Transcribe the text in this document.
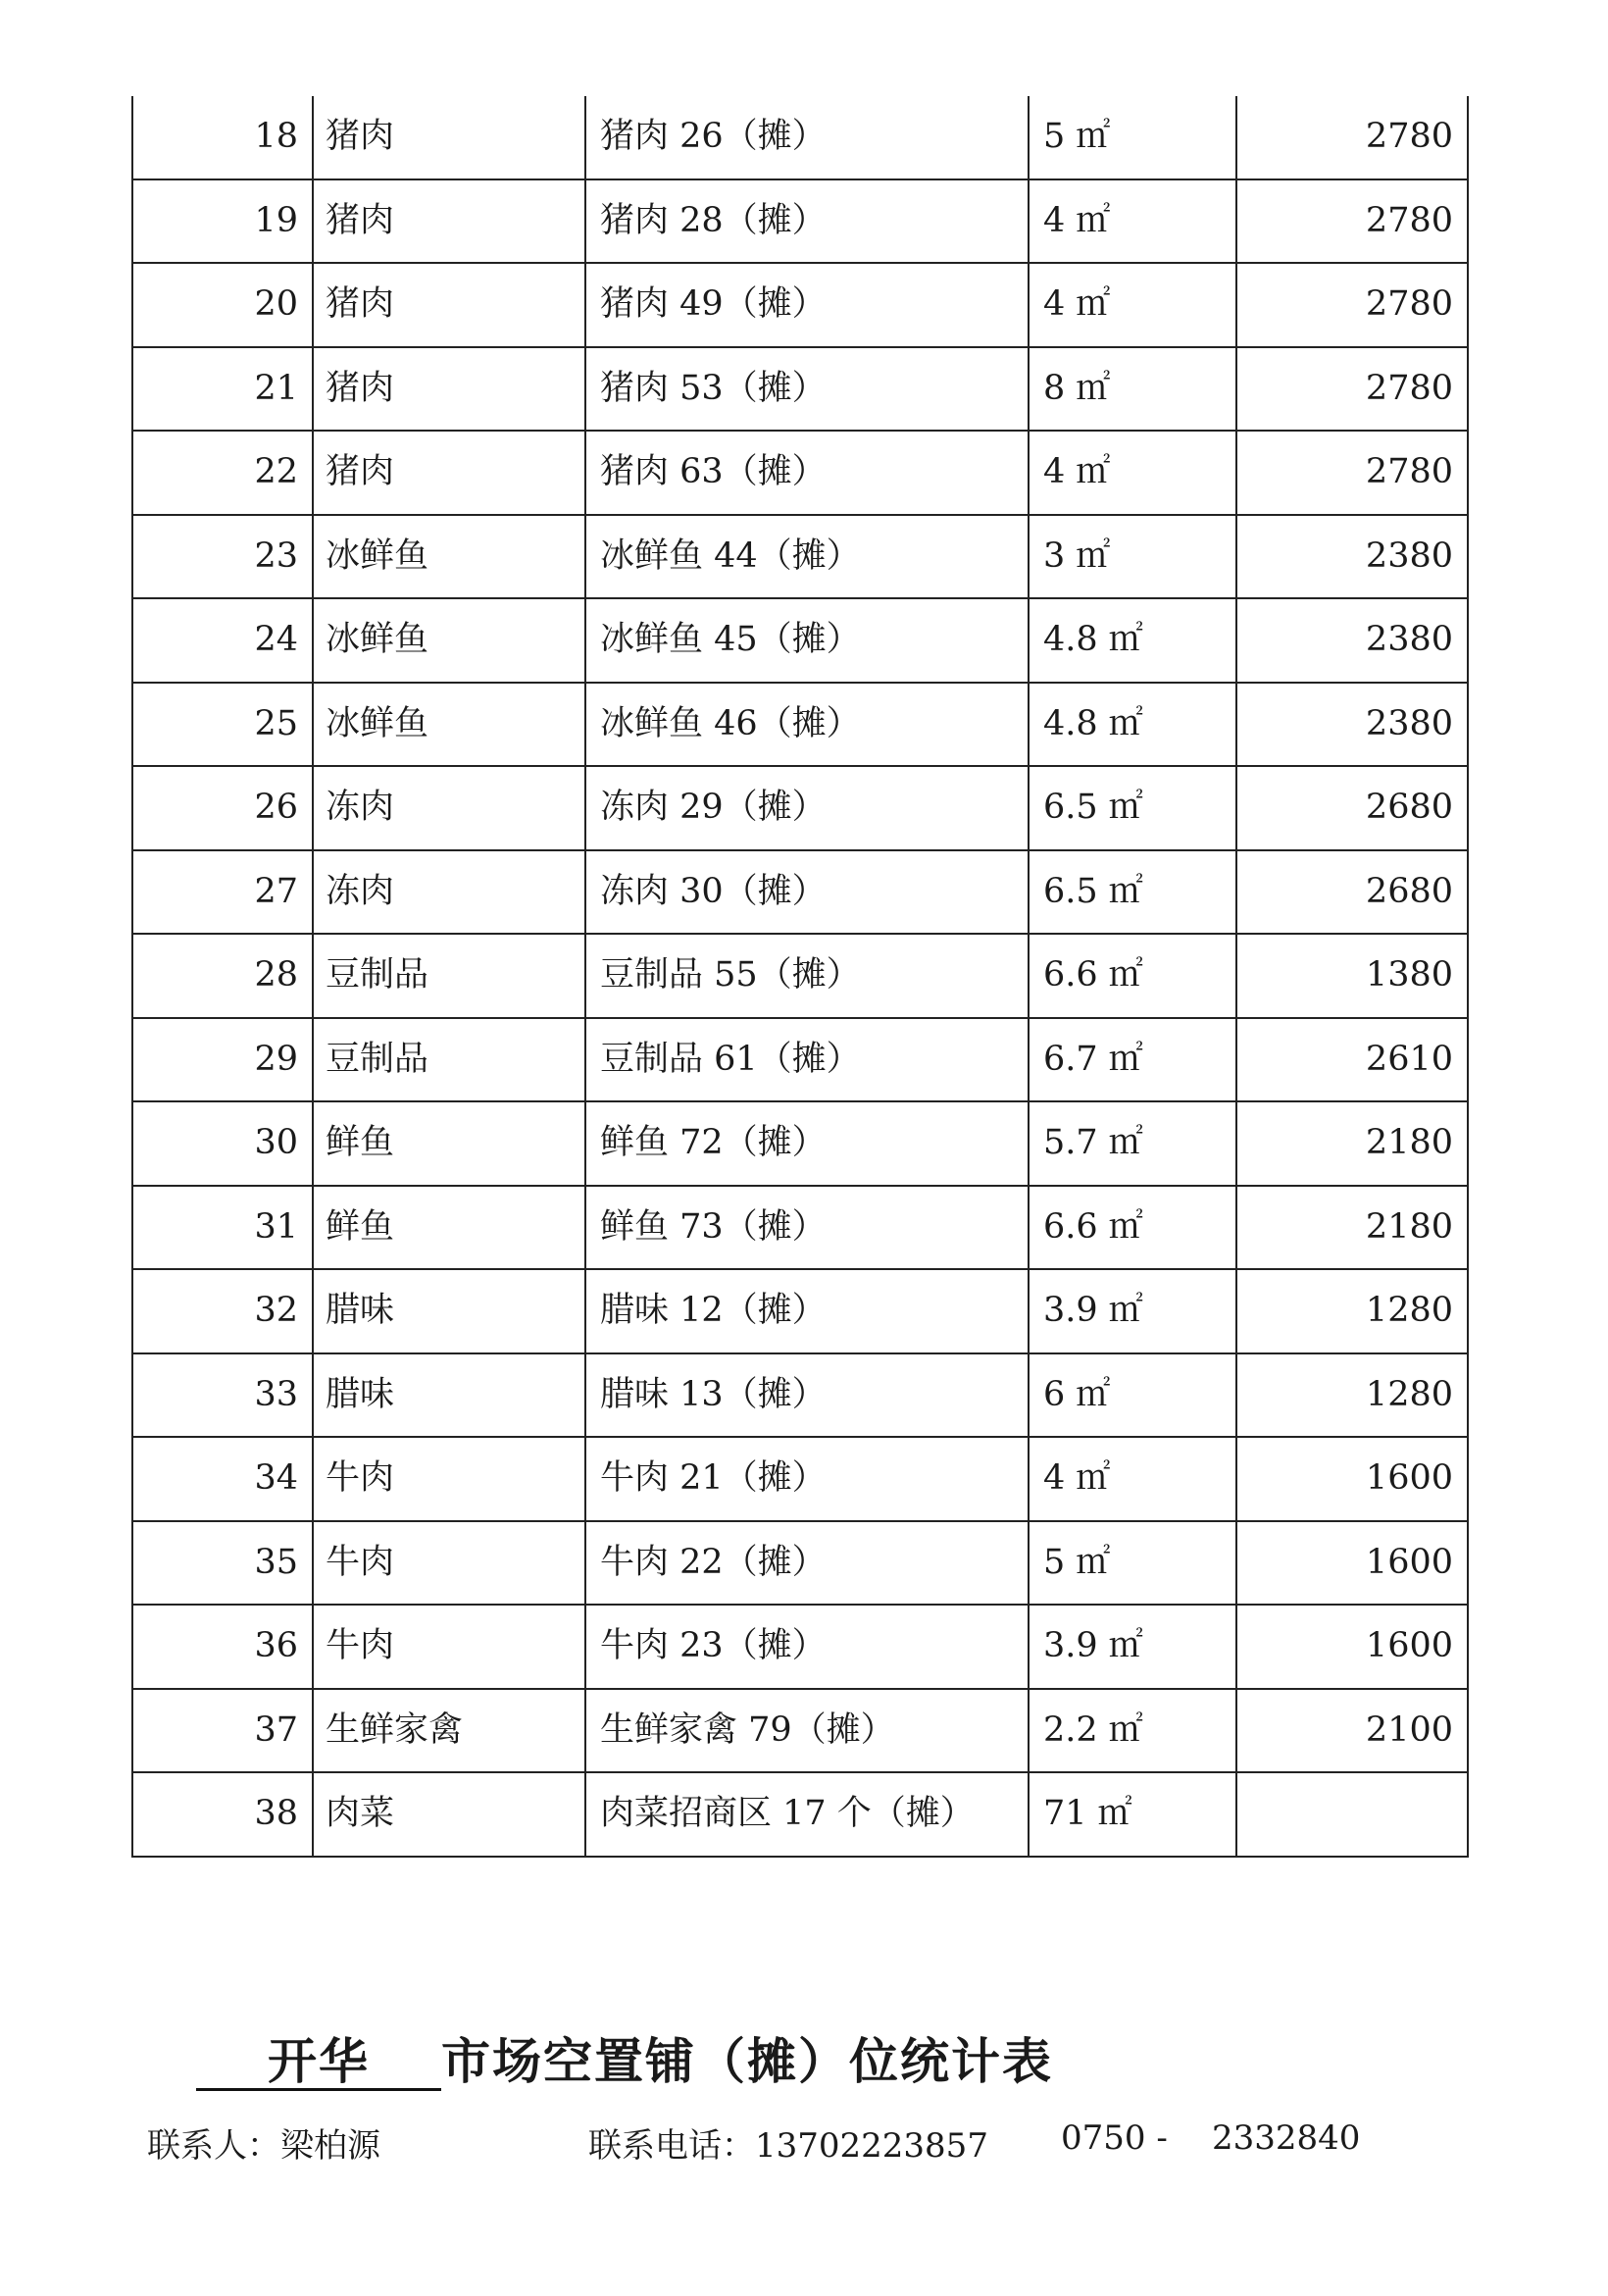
18	猪肉	猪肉 26（摊）	5 ㎡	2780
19	猪肉	猪肉 28（摊）	4 ㎡	2780
20	猪肉	猪肉 49（摊）	4 ㎡	2780
21	猪肉	猪肉 53（摊）	8 ㎡	2780
22	猪肉	猪肉 63（摊）	4 ㎡	2780
23	冰鲜鱼	冰鲜鱼 44（摊）	3 ㎡	2380
24	冰鲜鱼	冰鲜鱼 45（摊）	4.8 ㎡	2380
25	冰鲜鱼	冰鲜鱼 46（摊）	4.8 ㎡	2380
26	冻肉	冻肉 29（摊）	6.5 ㎡	2680
27	冻肉	冻肉 30（摊）	6.5 ㎡	2680
28	豆制品	豆制品 55（摊）	6.6 ㎡	1380
29	豆制品	豆制品 61（摊）	6.7 ㎡	2610
30	鲜鱼	鲜鱼 72（摊）	5.7 ㎡	2180
31	鲜鱼	鲜鱼 73（摊）	6.6 ㎡	2180
32	腊味	腊味 12（摊）	3.9 ㎡	1280
33	腊味	腊味 13（摊）	6 ㎡	1280
34	牛肉	牛肉 21（摊）	4 ㎡	1600
35	牛肉	牛肉 22（摊）	5 ㎡	1600
36	牛肉	牛肉 23（摊）	3.9 ㎡	1600
37	生鲜家禽	生鲜家禽 79（摊）	2.2 ㎡	2100
38	肉菜	肉菜招商区 17 个（摊）	71 ㎡	
开华 市场空置铺（摊）位统计表
联系人：梁柏源	联系电话：13702223857 0750 - 2332840
